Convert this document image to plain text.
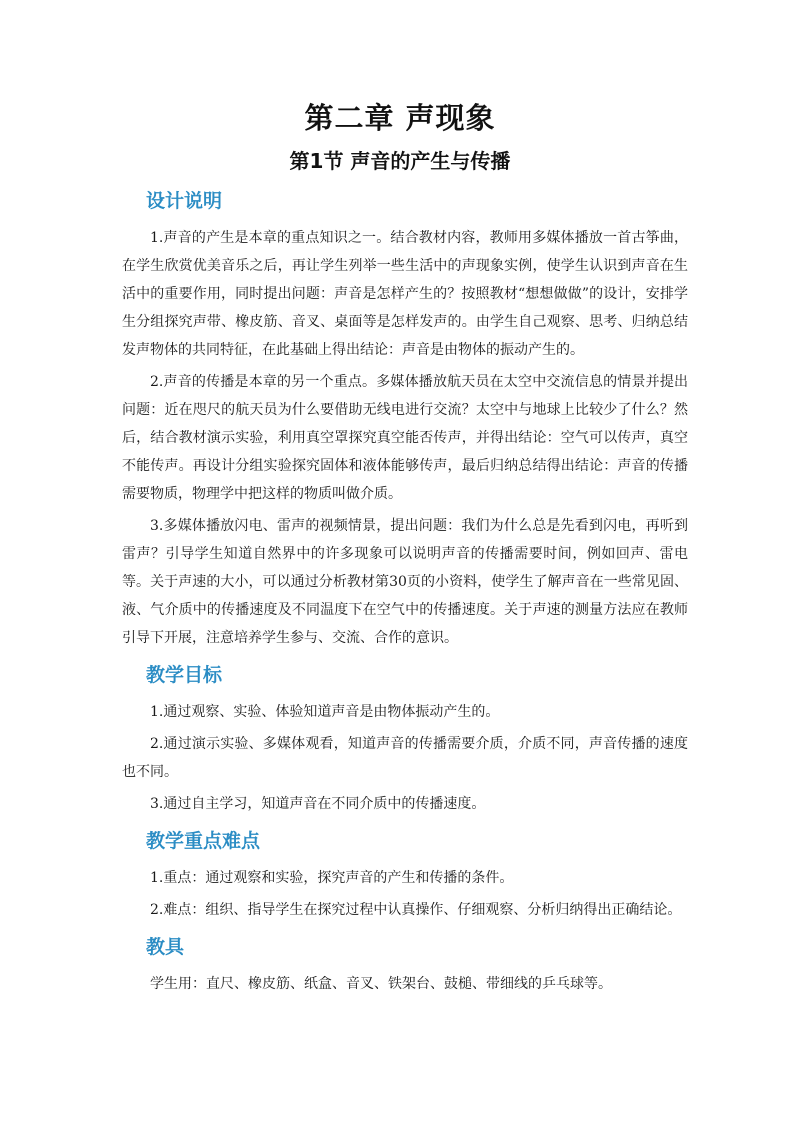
第二章 声现象
第1节 声音的产生与传播
设计说明

1.声音的产生是本章的重点知识之一。结合教材内容，教师用多媒体播放一首古筝曲，在学生欣赏优美音乐之后，再让学生列举一些生活中的声现象实例，使学生认识到声音在生活中的重要作用，同时提出问题：声音是怎样产生的？按照教材“想想做做”的设计，安排学生分组探究声带、橡皮筋、音叉、桌面等是怎样发声的。由学生自己观察、思考、归纳总结发声物体的共同特征，在此基础上得出结论：声音是由物体的振动产生的。

2.声音的传播是本章的另一个重点。多媒体播放航天员在太空中交流信息的情景并提出问题：近在咫尺的航天员为什么要借助无线电进行交流？太空中与地球上比较少了什么？然后，结合教材演示实验，利用真空罩探究真空能否传声，并得出结论：空气可以传声，真空不能传声。再设计分组实验探究固体和液体能够传声，最后归纳总结得出结论：声音的传播需要物质，物理学中把这样的物质叫做介质。

3.多媒体播放闪电、雷声的视频情景，提出问题：我们为什么总是先看到闪电，再听到雷声？引导学生知道自然界中的许多现象可以说明声音的传播需要时间，例如回声、雷电等。关于声速的大小，可以通过分析教材第30页的小资料，使学生了解声音在一些常见固、液、气介质中的传播速度及不同温度下在空气中的传播速度。关于声速的测量方法应在教师引导下开展，注意培养学生参与、交流、合作的意识。

教学目标

1.通过观察、实验、体验知道声音是由物体振动产生的。

2.通过演示实验、多媒体观看，知道声音的传播需要介质，介质不同，声音传播的速度也不同。

3.通过自主学习，知道声音在不同介质中的传播速度。

教学重点难点

1.重点：通过观察和实验，探究声音的产生和传播的条件。

2.难点：组织、指导学生在探究过程中认真操作、仔细观察、分析归纳得出正确结论。

教具

学生用：直尺、橡皮筋、纸盒、音叉、铁架台、鼓槌、带细线的乒乓球等。
